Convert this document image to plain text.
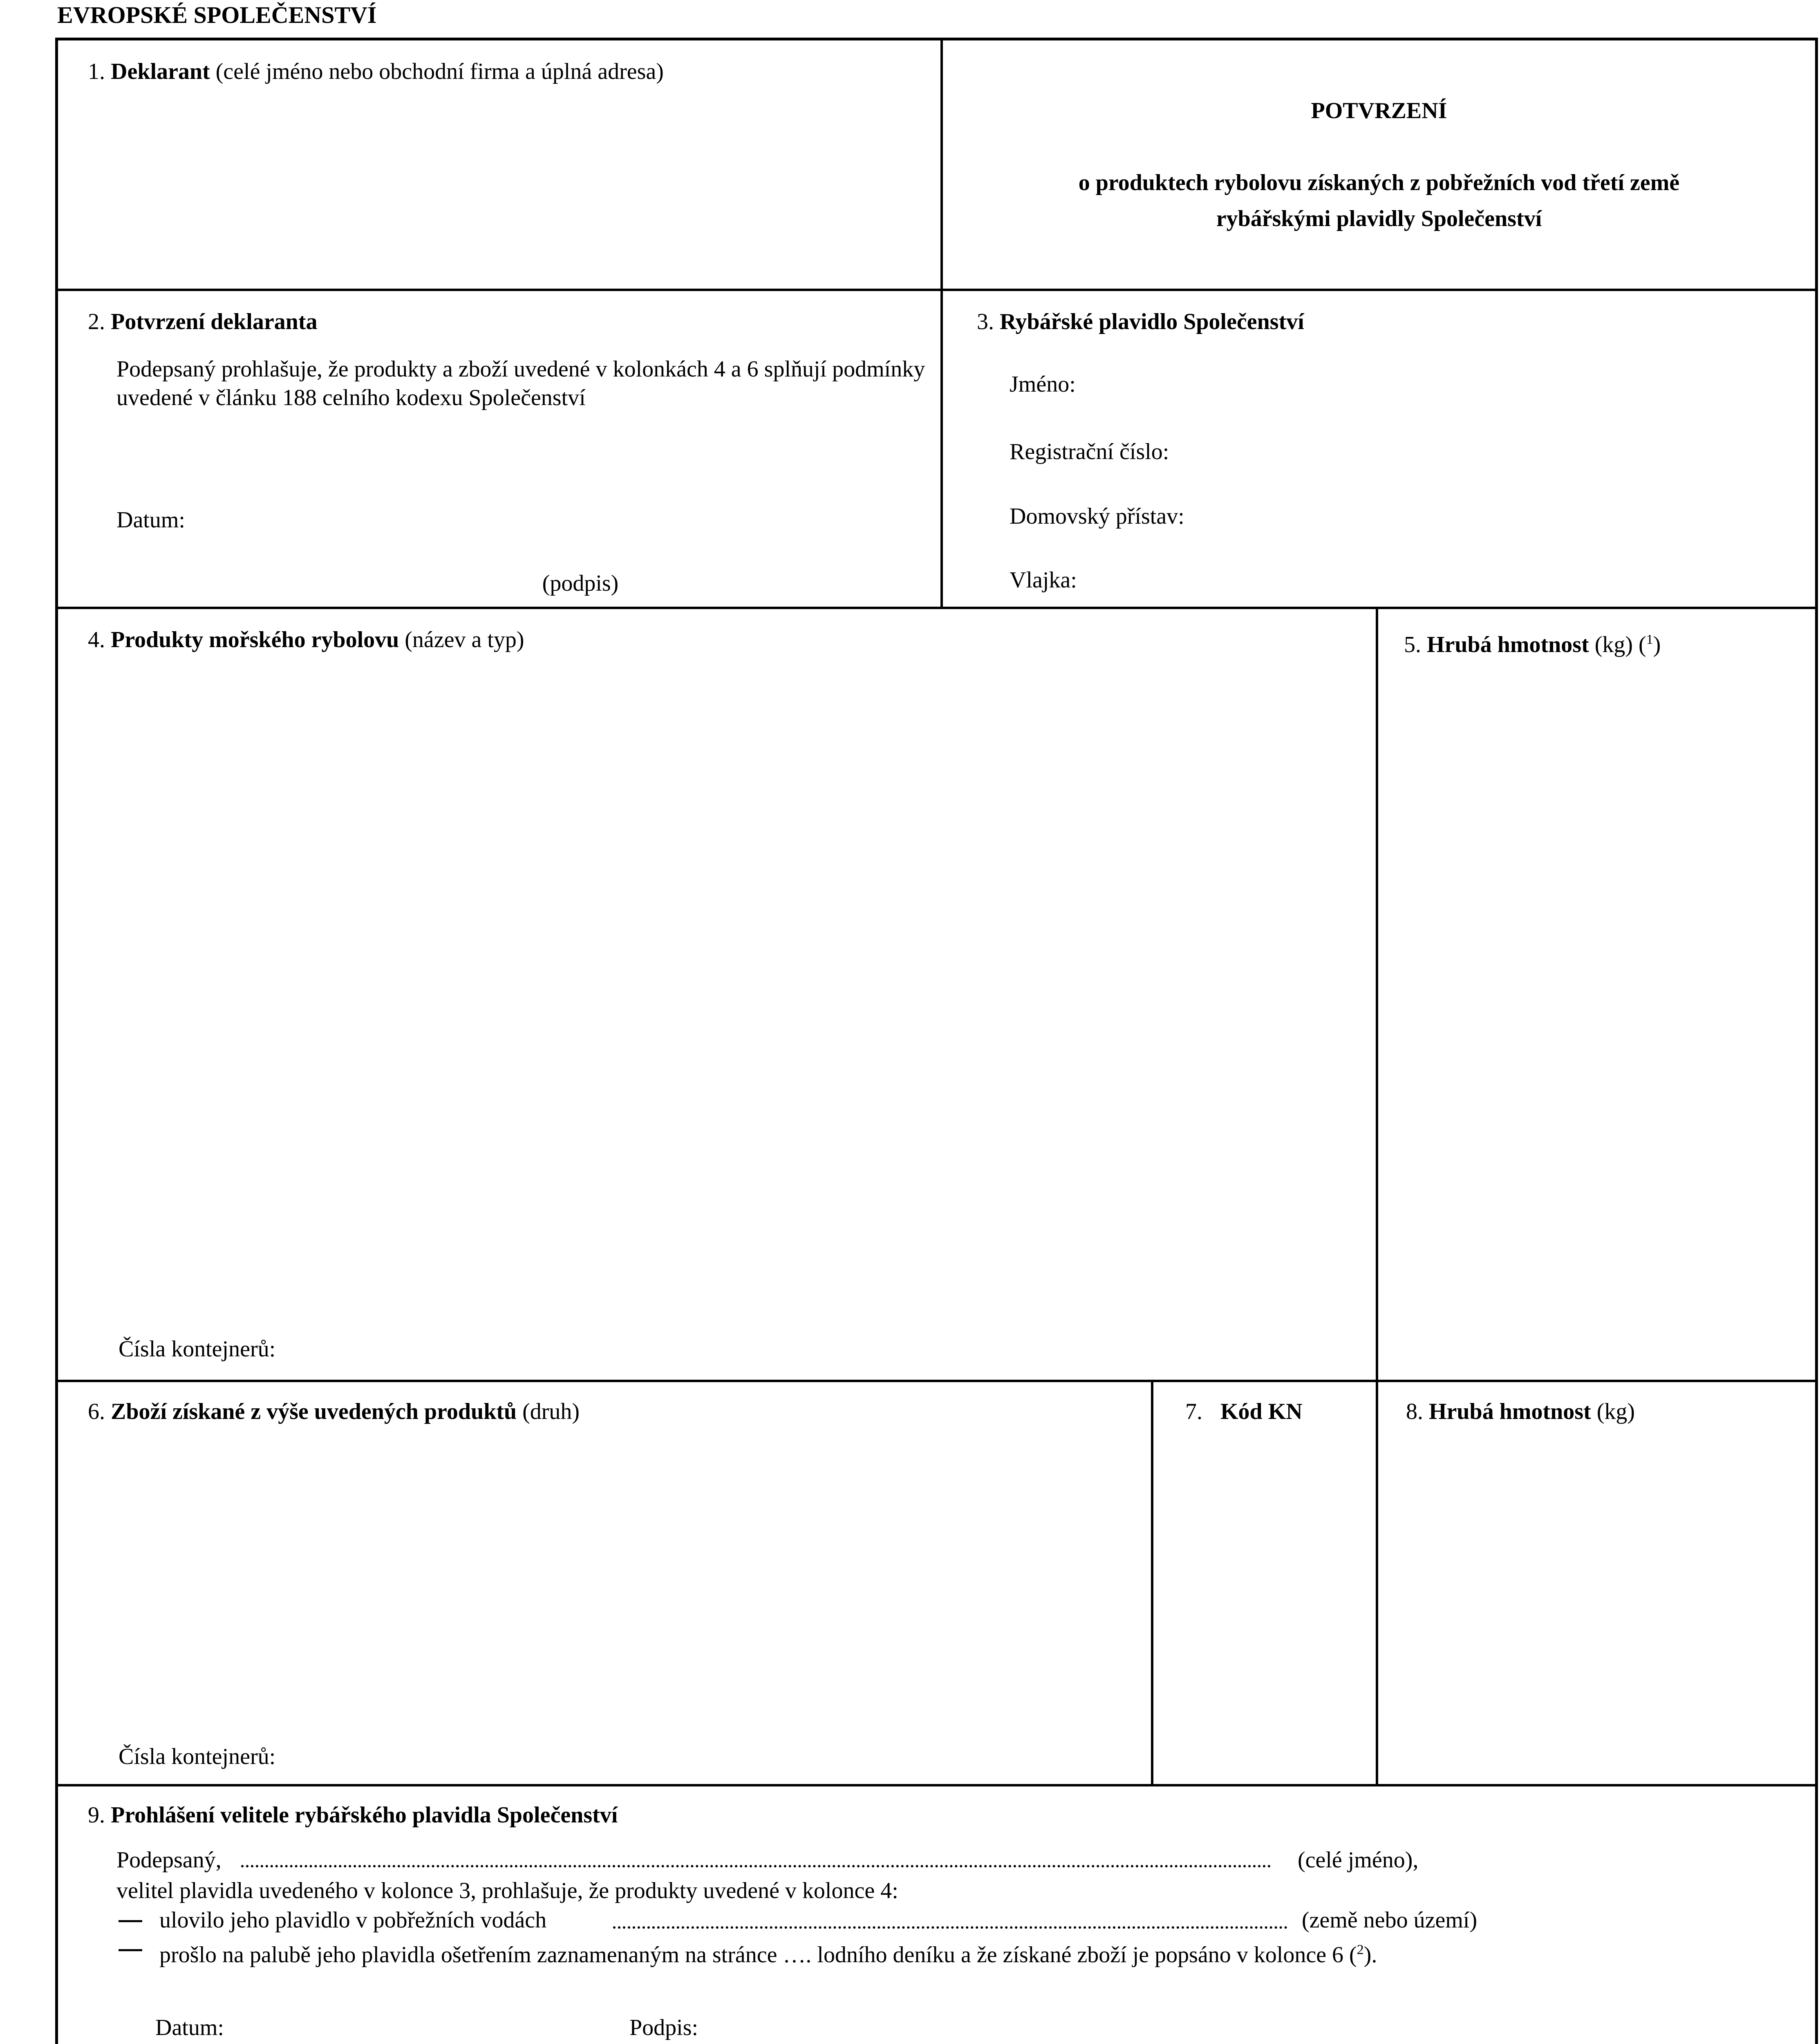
EVROPSKÉ SPOLEČENSTVÍ
1. Deklarant (celé jméno nebo obchodní firma a úplná adresa)
POTVRZENÍ
o produktech rybolovu získaných z pobřežních vod třetí země
rybářskými plavidly Společenství
2. Potvrzení deklaranta
Podepsaný prohlašuje, že produkty a zboží uvedené v kolonkách 4 a 6 splňují podmínky uvedené v článku 188 celního kodexu Společenství
Datum:
(podpis)
3. Rybářské plavidlo Společenství
Jméno:
Registrační číslo:
Domovský přístav:
Vlajka:
4. Produkty mořského rybolovu (název a typ)
Čísla kontejnerů:
5. Hrubá hmotnost (kg) ($^1$)
6. Zboží získané z výše uvedených produktů (druh)
Čísla kontejnerů:
7. Kód KN	8. Hrubá hmotnost (kg)
9. Prohlášení velitele rybářského plavidla Společenství
Podepsaný,	(celé jméno),
velitel plavidla uvedeného v kolonce 3, prohlašuje, že produkty uvedené v kolonce 4:
ulovilo jeho plavidlo v pobřežních vodách	(země nebo území)
prošlo na palubě jeho plavidla ošetřením zaznamenaným na stránce …. lodního deníku a že získané zboží je popsáno v kolonce 6 ($^2$).
Datum:	Podpis:
